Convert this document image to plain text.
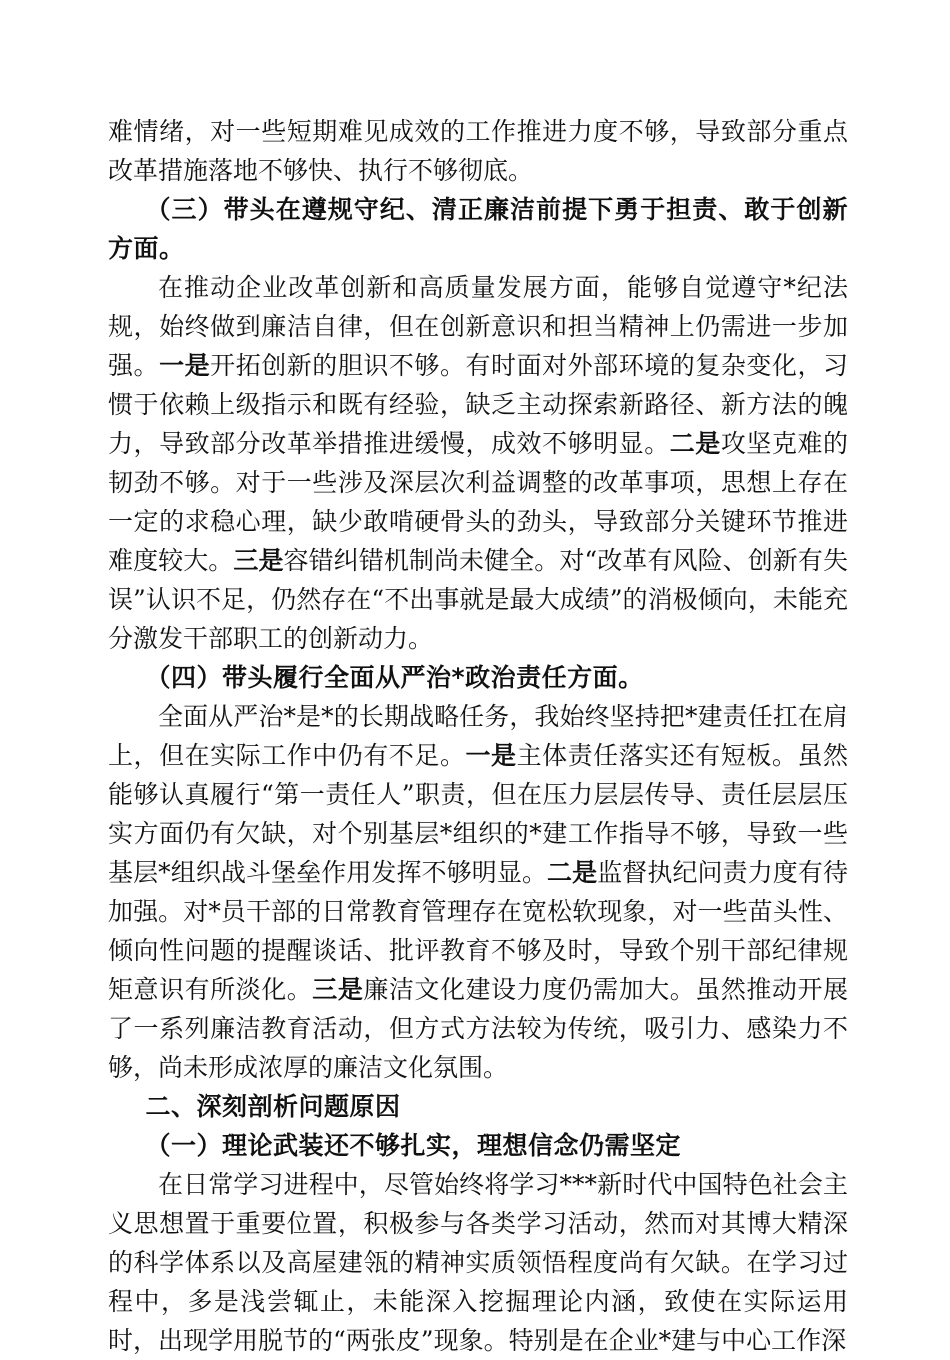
难情绪，对一些短期难见成效的工作推进力度不够，导致部分重点改革措施落地不够快、执行不够彻底。

（三）带头在遵规守纪、清正廉洁前提下勇于担责、敢于创新方面。

在推动企业改革创新和高质量发展方面，能够自觉遵守*纪法规，始终做到廉洁自律，但在创新意识和担当精神上仍需进一步加强。一是开拓创新的胆识不够。有时面对外部环境的复杂变化，习惯于依赖上级指示和既有经验，缺乏主动探索新路径、新方法的魄力，导致部分改革举措推进缓慢，成效不够明显。二是攻坚克难的韧劲不够。对于一些涉及深层次利益调整的改革事项，思想上存在一定的求稳心理，缺少敢啃硬骨头的劲头，导致部分关键环节推进难度较大。三是容错纠错机制尚未健全。对“改革有风险、创新有失误”认识不足，仍然存在“不出事就是最大成绩”的消极倾向，未能充分激发干部职工的创新动力。

（四）带头履行全面从严治*政治责任方面。

全面从严治*是*的长期战略任务，我始终坚持把*建责任扛在肩上，但在实际工作中仍有不足。一是主体责任落实还有短板。虽然能够认真履行“第一责任人”职责，但在压力层层传导、责任层层压实方面仍有欠缺，对个别基层*组织的*建工作指导不够，导致一些基层*组织战斗堡垒作用发挥不够明显。二是监督执纪问责力度有待加强。对*员干部的日常教育管理存在宽松软现象，对一些苗头性、倾向性问题的提醒谈话、批评教育不够及时，导致个别干部纪律规矩意识有所淡化。三是廉洁文化建设力度仍需加大。虽然推动开展了一系列廉洁教育活动，但方式方法较为传统，吸引力、感染力不够，尚未形成浓厚的廉洁文化氛围。

二、深刻剖析问题原因

（一）理论武装还不够扎实，理想信念仍需坚定

在日常学习进程中，尽管始终将学习***新时代中国特色社会主义思想置于重要位置，积极参与各类学习活动，然而对其博大精深的科学体系以及高屋建瓴的精神实质领悟程度尚有欠缺。在学习过程中，多是浅尝辄止，未能深入挖掘理论内涵，致使在实际运用时，出现学用脱节的“两张皮”现象。特别是在企业*建与中心工作深
